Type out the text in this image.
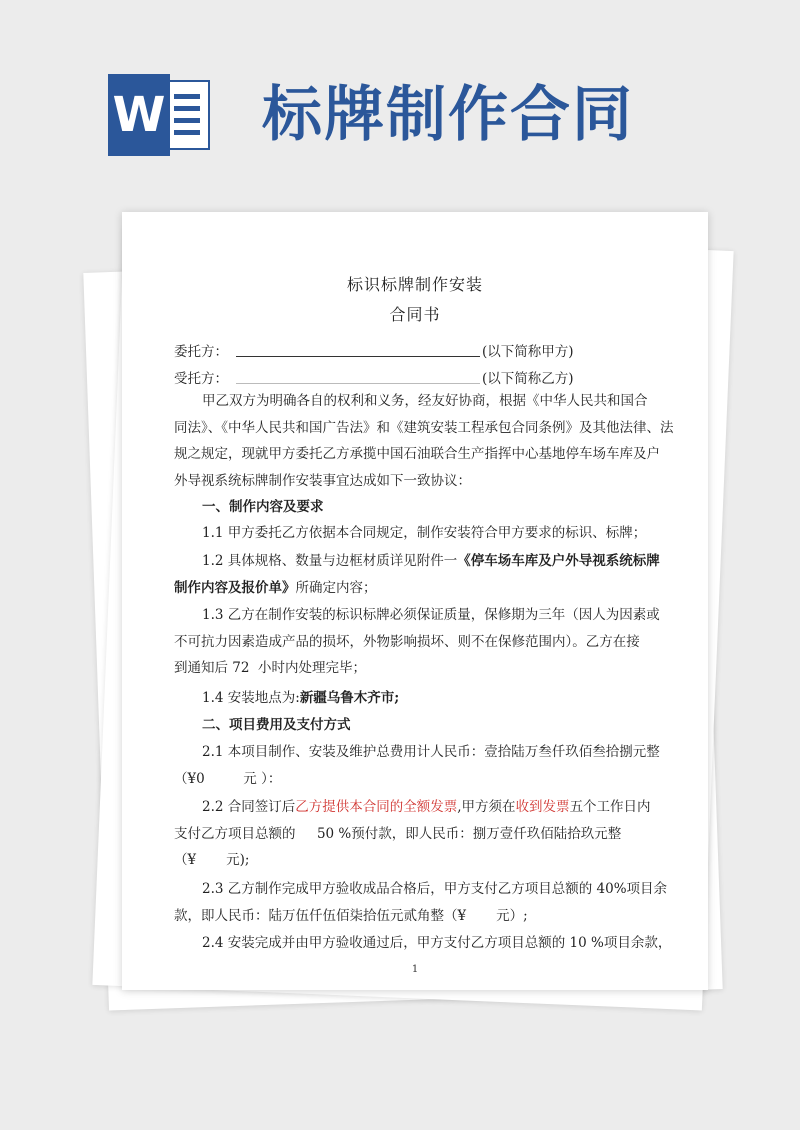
W 标牌制作合同
标识标牌制作安装
合同书
委托方：	(以下简称甲方)
受托方：	(以下简称乙方)
甲乙双方为明确各自的权利和义务，经友好协商，根据《中华人民共和国合
同法》、《中华人民共和国广告法》和《建筑安装工程承包合同条例》及其他法律、法
规之规定，现就甲方委托乙方承揽中国石油联合生产指挥中心基地停车场车库及户
外导视系统标牌制作安装事宜达成如下一致协议：
一、制作内容及要求
1.1 甲方委托乙方依据本合同规定，制作安装符合甲方要求的标识、标牌；
1.2 具体规格、数量与边框材质详见附件一《停车场车库及户外导视系统标牌
制作内容及报价单》所确定内容；
1.3 乙方在制作安装的标识标牌必须保证质量，保修期为三年（因人为因素或
不可抗力因素造成产品的损坏，外物影响损坏、则不在保修范围内）。乙方在接
到通知后 72  小时内处理完毕；
1.4 安装地点为:新疆乌鲁木齐市;
二、项目费用及支付方式
2.1 本项目制作、安装及维护总费用计人民币：壹拾陆万叁仟玖佰叁拾捌元整
（¥0         元 ）：
2.2 合同签订后乙方提供本合同的全额发票,甲方须在收到发票五个工作日内
支付乙方项目总额的     50 %预付款，即人民币：捌万壹仟玖佰陆拾玖元整
（¥       元);
2.3 乙方制作完成甲方验收成品合格后，甲方支付乙方项目总额的 40%项目余
款，即人民币：陆万伍仟伍佰柒拾伍元贰角整（¥       元）;
2.4 安装完成并由甲方验收通过后，甲方支付乙方项目总额的 10 %项目余款，
1
